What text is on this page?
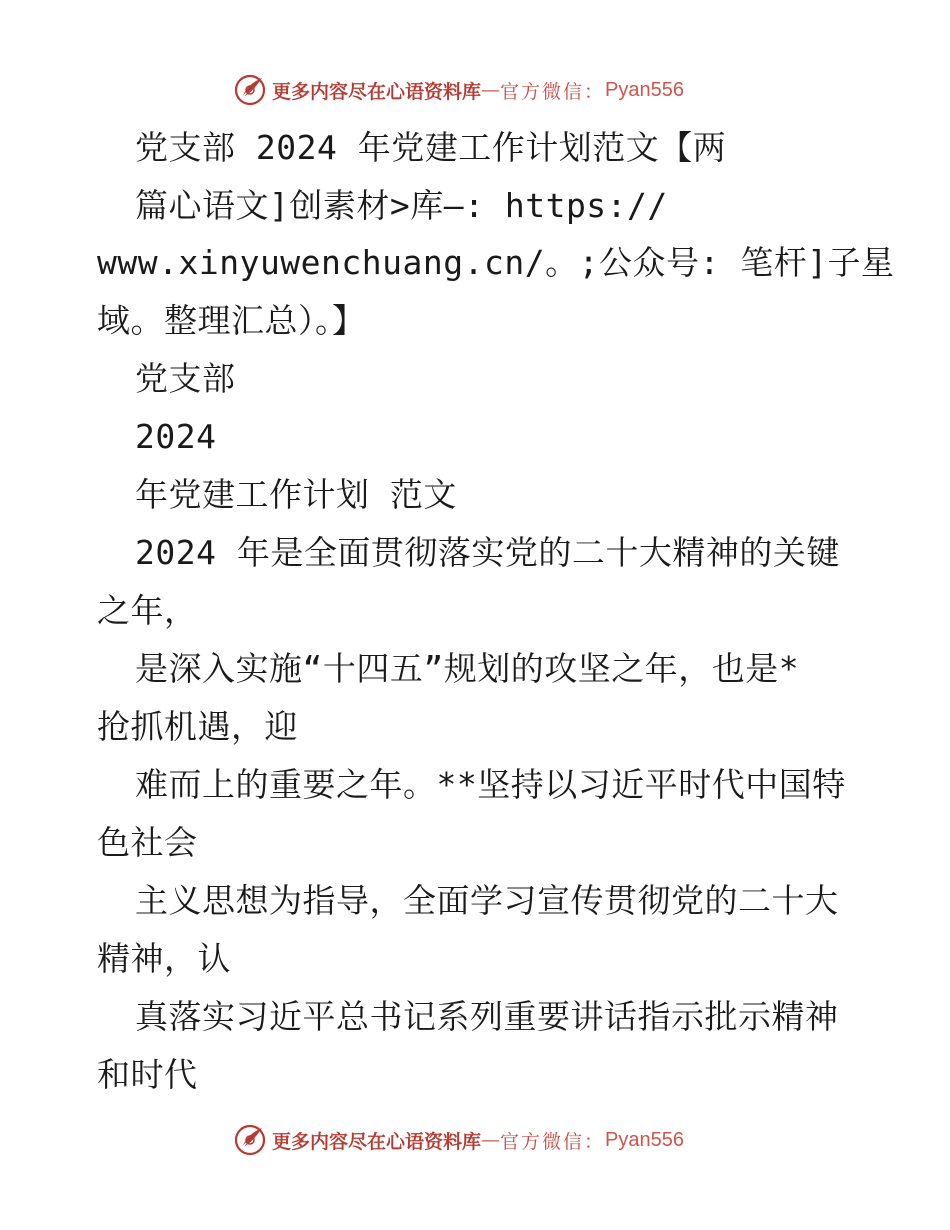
更多内容尽在心语资料库 — 官方微信： Pyan556
党支部 2024 年党建工作计划范文【两
篇心语文]创素材>库—: https://
www.xinyuwenchuang.cn/。;公众号: 笔杆]子星
域。整理汇总）。】
党支部
2024
年党建工作计划 范文
2024 年是全面贯彻落实党的二十大精神的关键
之年，
是深入实施“十四五”规划的攻坚之年，也是*
抢抓机遇，迎
难而上的重要之年。**坚持以习近平时代中国特
色社会
主义思想为指导，全面学习宣传贯彻党的二十大
精神，认
真落实习近平总书记系列重要讲话指示批示精神
和时代
更多内容尽在心语资料库 — 官方微信： Pyan556
